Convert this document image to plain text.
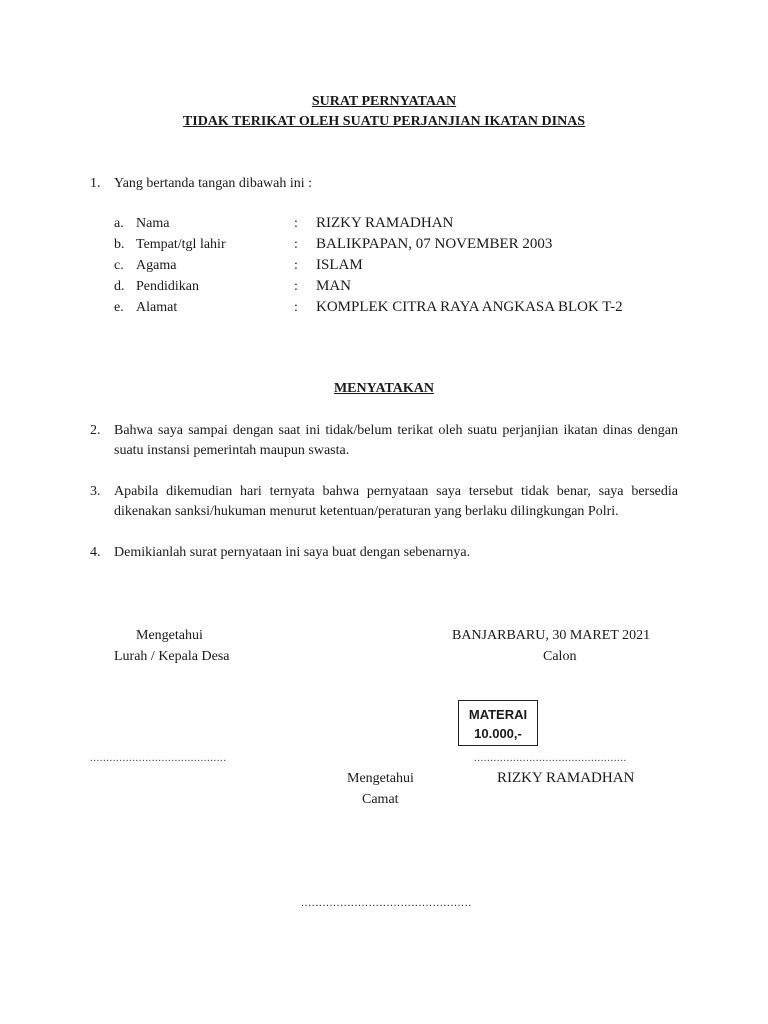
SURAT PERNYATAAN
TIDAK TERIKAT OLEH SUATU PERJANJIAN IKATAN DINAS
1. Yang bertanda tangan dibawah ini :
a. Nama	: RIZKY RAMADHAN
b. Tempat/tgl lahir	: BALIKPAPAN, 07 NOVEMBER 2003
c. Agama	: ISLAM
d. Pendidikan	: MAN
e. Alamat	: KOMPLEK CITRA RAYA ANGKASA BLOK T-2
MENYATAKAN
2. Bahwa saya sampai dengan saat ini tidak/belum terikat oleh suatu perjanjian ikatan dinas dengan suatu instansi pemerintah maupun swasta.
3. Apabila dikemudian hari ternyata bahwa pernyataan saya tersebut tidak benar, saya bersedia dikenakan sanksi/hukuman menurut ketentuan/peraturan yang berlaku dilingkungan Polri.
4. Demikianlah surat pernyataan ini saya buat dengan sebenarnya.
Mengetahui
Lurah / Kepala Desa
BANJARBARU, 30 MARET 2021
Calon
MATERAI
10.000,-
..........................................	...............................................
Mengetahui
Camat
RIZKY RAMADHAN
................................................
